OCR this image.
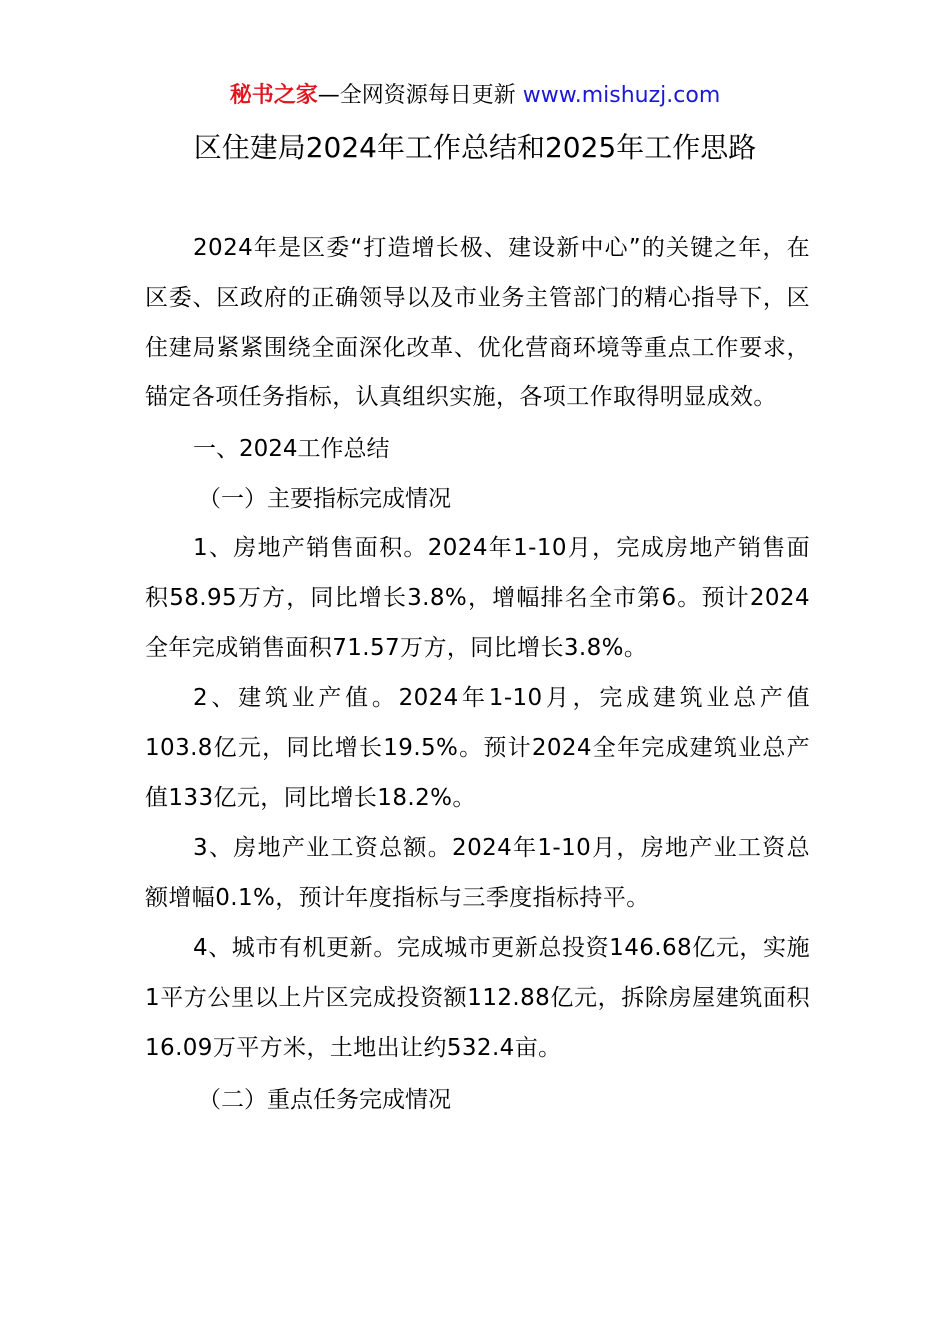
秘书之家—全网资源每日更新 www.mishuzj.com
区住建局2024年工作总结和2025年工作思路

2024年是区委“打造增长极、建设新中心”的关键之年，在区委、区政府的正确领导以及市业务主管部门的精心指导下，区住建局紧紧围绕全面深化改革、优化营商环境等重点工作要求，锚定各项任务指标，认真组织实施，各项工作取得明显成效。

一、2024工作总结

（一）主要指标完成情况

1、房地产销售面积。2024年1-10月，完成房地产销售面积58.95万方，同比增长3.8%，增幅排名全市第6。预计2024全年完成销售面积71.57万方，同比增长3.8%。

2、建筑业产值。2024年1-10月，完成建筑业总产值103.8亿元，同比增长19.5%。预计2024全年完成建筑业总产值133亿元，同比增长18.2%。

3、房地产业工资总额。2024年1-10月，房地产业工资总额增幅0.1%，预计年度指标与三季度指标持平。

4、城市有机更新。完成城市更新总投资146.68亿元，实施1平方公里以上片区完成投资额112.88亿元，拆除房屋建筑面积16.09万平方米，土地出让约532.4亩。

（二）重点任务完成情况
